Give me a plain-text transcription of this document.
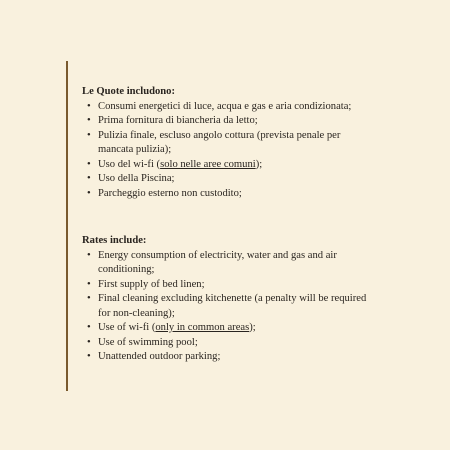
Le Quote includono:

• Consumi energetici di luce, acqua e gas e aria condizionata;
• Prima fornitura di biancheria da letto;
• Pulizia finale, escluso angolo cottura (prevista penale per mancata pulizia);
• Uso del wi-fi (solo nelle aree comuni);
• Uso della Piscina;
• Parcheggio esterno non custodito;

Rates include:

• Energy consumption of electricity, water and gas and air conditioning;
• First supply of bed linen;
• Final cleaning excluding kitchenette (a penalty will be required for non-cleaning);
• Use of wi-fi (only in common areas);
• Use of swimming pool;
• Unattended outdoor parking;
